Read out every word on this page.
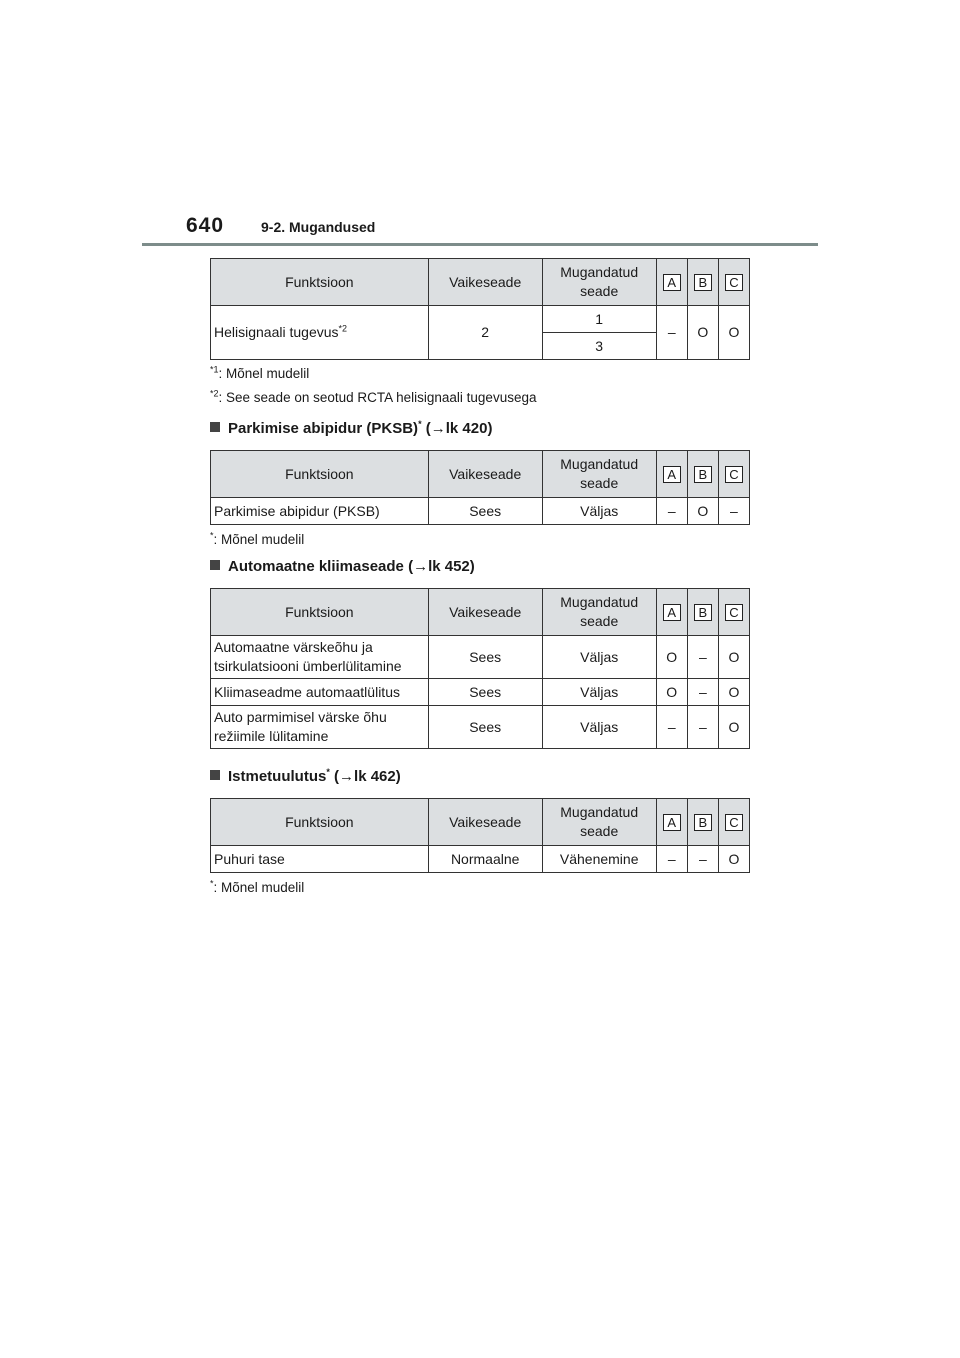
640	9-2. Mugandused
Funktsioon	Vaikeseade	Mugandatud seade	A	B	C
Helisignaali tugevus$^{*2}$	2	1	–	O	O
		3			
$^{*1}$: Mõnel mudelil
$^{*2}$: See seade on seotud RCTA helisignaali tugevusega
Parkimise abipidur (PKSB)* (→lk 420)
Funktsioon	Vaikeseade	Mugandatud seade	A	B	C
Parkimise abipidur (PKSB)	Sees	Väljas	–	O	–
*: Mõnel mudelil
Automaatne kliimaseade (→lk 452)
Funktsioon	Vaikeseade	Mugandatud seade	A	B	C
Automaatne värskeõhu ja tsirkulatsiooni ümberlülitamine	Sees	Väljas	O	–	O
Kliimaseadme automaatlülitus	Sees	Väljas	O	–	O
Auto parmimisel värske õhu režiimile lülitamine	Sees	Väljas	–	–	O
Istmetuulutus* (→lk 462)
Funktsioon	Vaikeseade	Mugandatud seade	A	B	C
Puhuri tase	Normaalne	Vähenemine	–	–	O
*: Mõnel mudelil
